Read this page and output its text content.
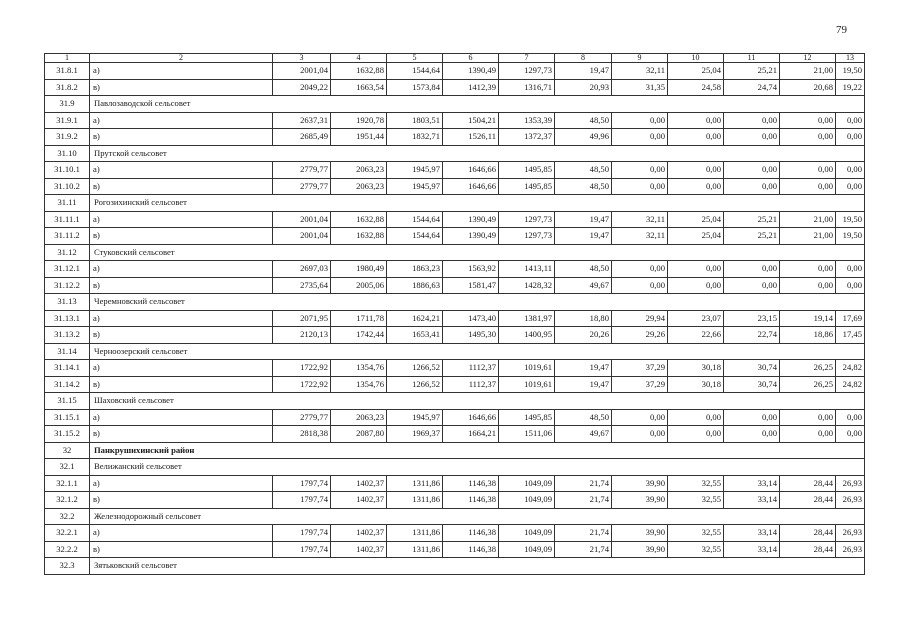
79
1	2	3	4	5	6	7	8	9	10	11	12	13
31.8.1	а)	2001,04	1632,88	1544,64	1390,49	1297,73	19,47	32,11	25,04	25,21	21,00	19,50
31.8.2	в)	2049,22	1663,54	1573,84	1412,39	1316,71	20,93	31,35	24,58	24,74	20,68	19,22
31.9	Павлозаводской сельсовет											
31.9.1	а)	2637,31	1920,78	1803,51	1504,21	1353,39	48,50	0,00	0,00	0,00	0,00	0,00
31.9.2	в)	2685,49	1951,44	1832,71	1526,11	1372,37	49,96	0,00	0,00	0,00	0,00	0,00
31.10	Прутской сельсовет											
31.10.1	а)	2779,77	2063,23	1945,97	1646,66	1495,85	48,50	0,00	0,00	0,00	0,00	0,00
31.10.2	в)	2779,77	2063,23	1945,97	1646,66	1495,85	48,50	0,00	0,00	0,00	0,00	0,00
31.11	Рогозихинский сельсовет											
31.11.1	а)	2001,04	1632,88	1544,64	1390,49	1297,73	19,47	32,11	25,04	25,21	21,00	19,50
31.11.2	в)	2001,04	1632,88	1544,64	1390,49	1297,73	19,47	32,11	25,04	25,21	21,00	19,50
31.12	Стуковский сельсовет											
31.12.1	а)	2697,03	1980,49	1863,23	1563,92	1413,11	48,50	0,00	0,00	0,00	0,00	0,00
31.12.2	в)	2735,64	2005,06	1886,63	1581,47	1428,32	49,67	0,00	0,00	0,00	0,00	0,00
31.13	Черемновский сельсовет											
31.13.1	а)	2071,95	1711,78	1624,21	1473,40	1381,97	18,80	29,94	23,07	23,15	19,14	17,69
31.13.2	в)	2120,13	1742,44	1653,41	1495,30	1400,95	20,26	29,26	22,66	22,74	18,86	17,45
31.14	Черноозерский сельсовет											
31.14.1	а)	1722,92	1354,76	1266,52	1112,37	1019,61	19,47	37,29	30,18	30,74	26,25	24,82
31.14.2	в)	1722,92	1354,76	1266,52	1112,37	1019,61	19,47	37,29	30,18	30,74	26,25	24,82
31.15	Шаховский сельсовет											
31.15.1	а)	2779,77	2063,23	1945,97	1646,66	1495,85	48,50	0,00	0,00	0,00	0,00	0,00
31.15.2	в)	2818,38	2087,80	1969,37	1664,21	1511,06	49,67	0,00	0,00	0,00	0,00	0,00
32	Панкрушихинский район											
32.1	Велижанский сельсовет											
32.1.1	а)	1797,74	1402,37	1311,86	1146,38	1049,09	21,74	39,90	32,55	33,14	28,44	26,93
32.1.2	в)	1797,74	1402,37	1311,86	1146,38	1049,09	21,74	39,90	32,55	33,14	28,44	26,93
32.2	Железнодорожный сельсовет											
32.2.1	а)	1797,74	1402,37	1311,86	1146,38	1049,09	21,74	39,90	32,55	33,14	28,44	26,93
32.2.2	в)	1797,74	1402,37	1311,86	1146,38	1049,09	21,74	39,90	32,55	33,14	28,44	26,93
32.3	Зятьковский сельсовет											
